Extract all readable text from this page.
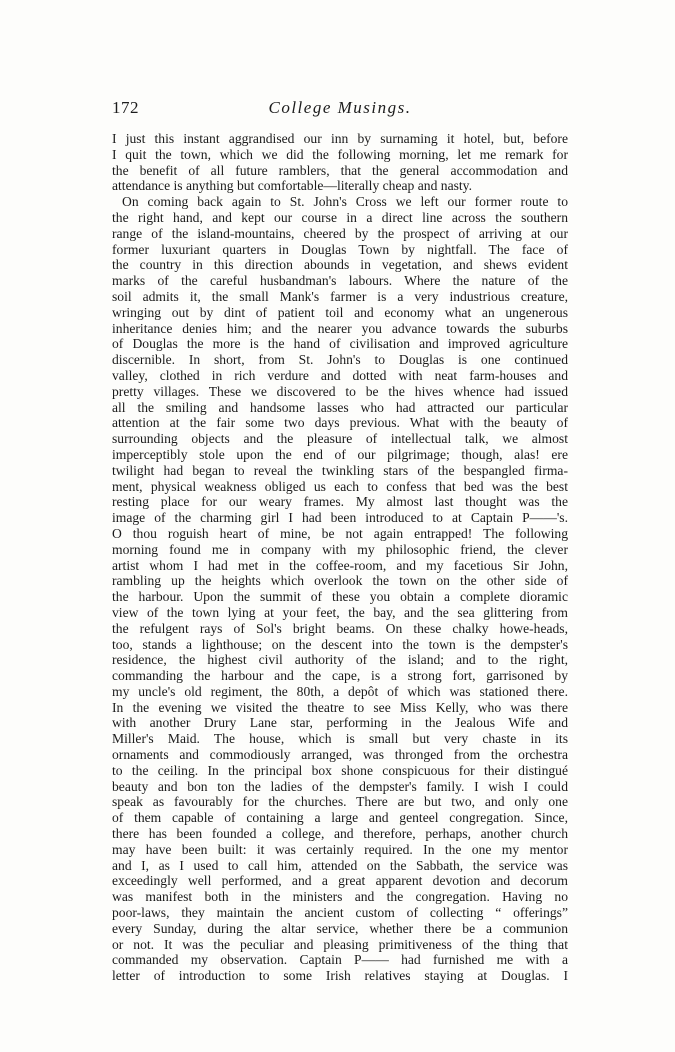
172	College Musings.
I just this instant aggrandised our inn by surnaming it hotel, but, before
I quit the town, which we did the following morning, let me remark for
the benefit of all future ramblers, that the general accommodation and
attendance is anything but comfortable—literally cheap and nasty.
On coming back again to St. John's Cross we left our former route to
the right hand, and kept our course in a direct line across the southern
range of the island-mountains, cheered by the prospect of arriving at our
former luxuriant quarters in Douglas Town by nightfall. The face of
the country in this direction abounds in vegetation, and shews evident
marks of the careful husbandman's labours. Where the nature of the
soil admits it, the small Mank's farmer is a very industrious creature,
wringing out by dint of patient toil and economy what an ungenerous
inheritance denies him; and the nearer you advance towards the suburbs
of Douglas the more is the hand of civilisation and improved agriculture
discernible. In short, from St. John's to Douglas is one continued
valley, clothed in rich verdure and dotted with neat farm-houses and
pretty villages. These we discovered to be the hives whence had issued
all the smiling and handsome lasses who had attracted our particular
attention at the fair some two days previous. What with the beauty of
surrounding objects and the pleasure of intellectual talk, we almost
imperceptibly stole upon the end of our pilgrimage; though, alas! ere
twilight had began to reveal the twinkling stars of the bespangled firma-
ment, physical weakness obliged us each to confess that bed was the best
resting place for our weary frames. My almost last thought was the
image of the charming girl I had been introduced to at Captain P——'s.
O thou roguish heart of mine, be not again entrapped! The following
morning found me in company with my philosophic friend, the clever
artist whom I had met in the coffee-room, and my facetious Sir John,
rambling up the heights which overlook the town on the other side of
the harbour. Upon the summit of these you obtain a complete dioramic
view of the town lying at your feet, the bay, and the sea glittering from
the refulgent rays of Sol's bright beams. On these chalky howe-heads,
too, stands a lighthouse; on the descent into the town is the dempster's
residence, the highest civil authority of the island; and to the right,
commanding the harbour and the cape, is a strong fort, garrisoned by
my uncle's old regiment, the 80th, a depôt of which was stationed there.
In the evening we visited the theatre to see Miss Kelly, who was there
with another Drury Lane star, performing in the Jealous Wife and
Miller's Maid. The house, which is small but very chaste in its
ornaments and commodiously arranged, was thronged from the orchestra
to the ceiling. In the principal box shone conspicuous for their distingué
beauty and bon ton the ladies of the dempster's family. I wish I could
speak as favourably for the churches. There are but two, and only one
of them capable of containing a large and genteel congregation. Since,
there has been founded a college, and therefore, perhaps, another church
may have been built: it was certainly required. In the one my mentor
and I, as I used to call him, attended on the Sabbath, the service was
exceedingly well performed, and a great apparent devotion and decorum
was manifest both in the ministers and the congregation. Having no
poor-laws, they maintain the ancient custom of collecting “ offerings”
every Sunday, during the altar service, whether there be a communion
or not. It was the peculiar and pleasing primitiveness of the thing that
commanded my observation. Captain P—— had furnished me with a
letter of introduction to some Irish relatives staying at Douglas. I
